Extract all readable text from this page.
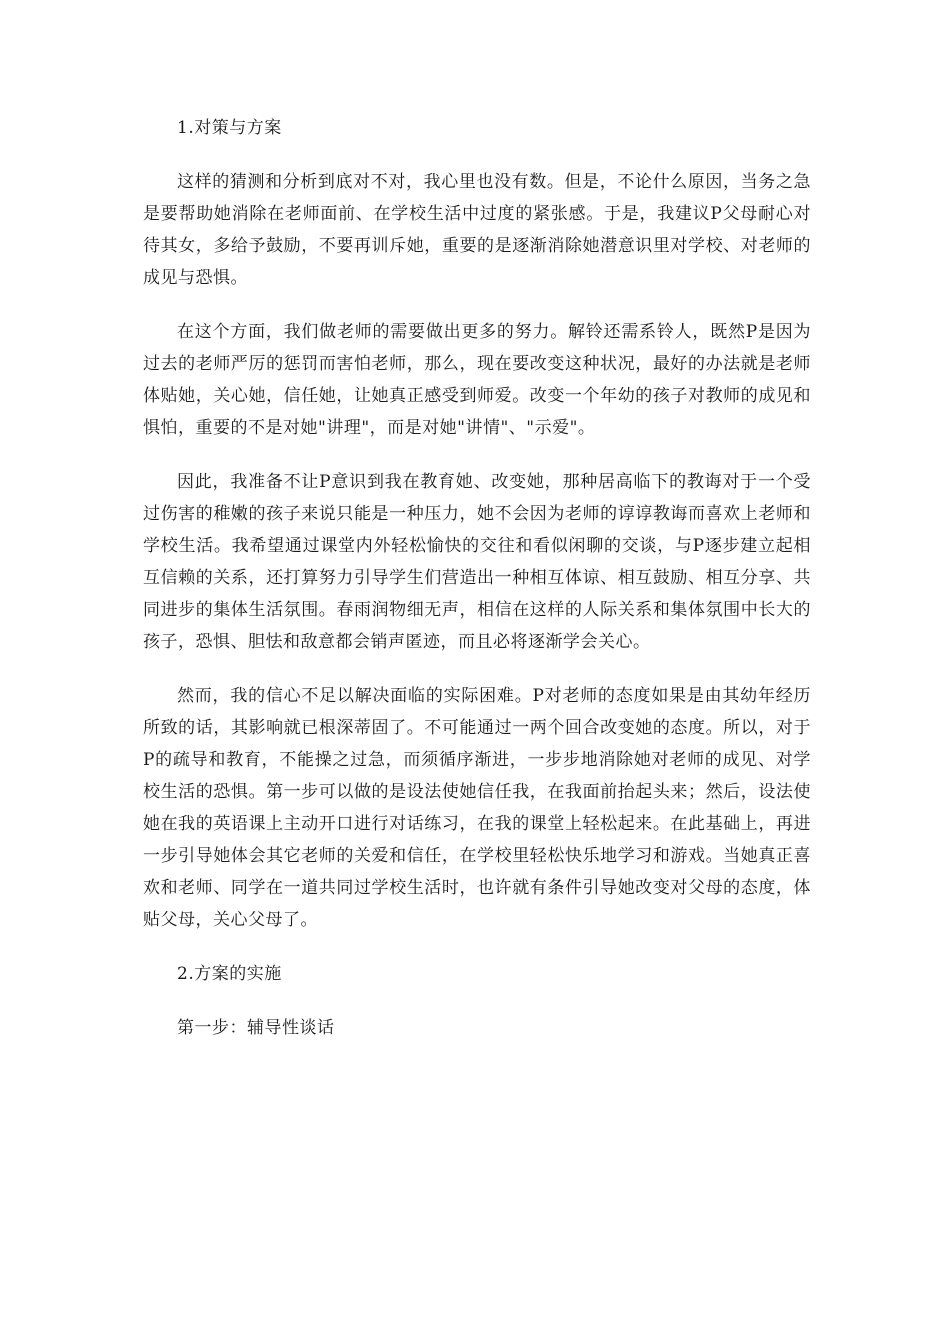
1.对策与方案

这样的猜测和分析到底对不对，我心里也没有数。但是，不论什么原因，当务之急是要帮助她消除在老师面前、在学校生活中过度的紧张感。于是，我建议P父母耐心对待其女，多给予鼓励，不要再训斥她，重要的是逐渐消除她潜意识里对学校、对老师的成见与恐惧。

在这个方面，我们做老师的需要做出更多的努力。解铃还需系铃人，既然P是因为过去的老师严厉的惩罚而害怕老师，那么，现在要改变这种状况，最好的办法就是老师体贴她，关心她，信任她，让她真正感受到师爱。改变一个年幼的孩子对教师的成见和惧怕，重要的不是对她"讲理"，而是对她"讲情"、"示爱"。

因此，我准备不让P意识到我在教育她、改变她，那种居高临下的教诲对于一个受过伤害的稚嫩的孩子来说只能是一种压力，她不会因为老师的谆谆教诲而喜欢上老师和学校生活。我希望通过课堂内外轻松愉快的交往和看似闲聊的交谈，与P逐步建立起相互信赖的关系，还打算努力引导学生们营造出一种相互体谅、相互鼓励、相互分享、共同进步的集体生活氛围。春雨润物细无声，相信在这样的人际关系和集体氛围中长大的孩子，恐惧、胆怯和敌意都会销声匿迹，而且必将逐渐学会关心。

然而，我的信心不足以解决面临的实际困难。P对老师的态度如果是由其幼年经历所致的话，其影响就已根深蒂固了。不可能通过一两个回合改变她的态度。所以，对于P的疏导和教育，不能操之过急，而须循序渐进，一步步地消除她对老师的成见、对学校生活的恐惧。第一步可以做的是设法使她信任我，在我面前抬起头来；然后，设法使她在我的英语课上主动开口进行对话练习，在我的课堂上轻松起来。在此基础上，再进一步引导她体会其它老师的关爱和信任，在学校里轻松快乐地学习和游戏。当她真正喜欢和老师、同学在一道共同过学校生活时，也许就有条件引导她改变对父母的态度，体贴父母，关心父母了。

2.方案的实施

第一步：辅导性谈话
